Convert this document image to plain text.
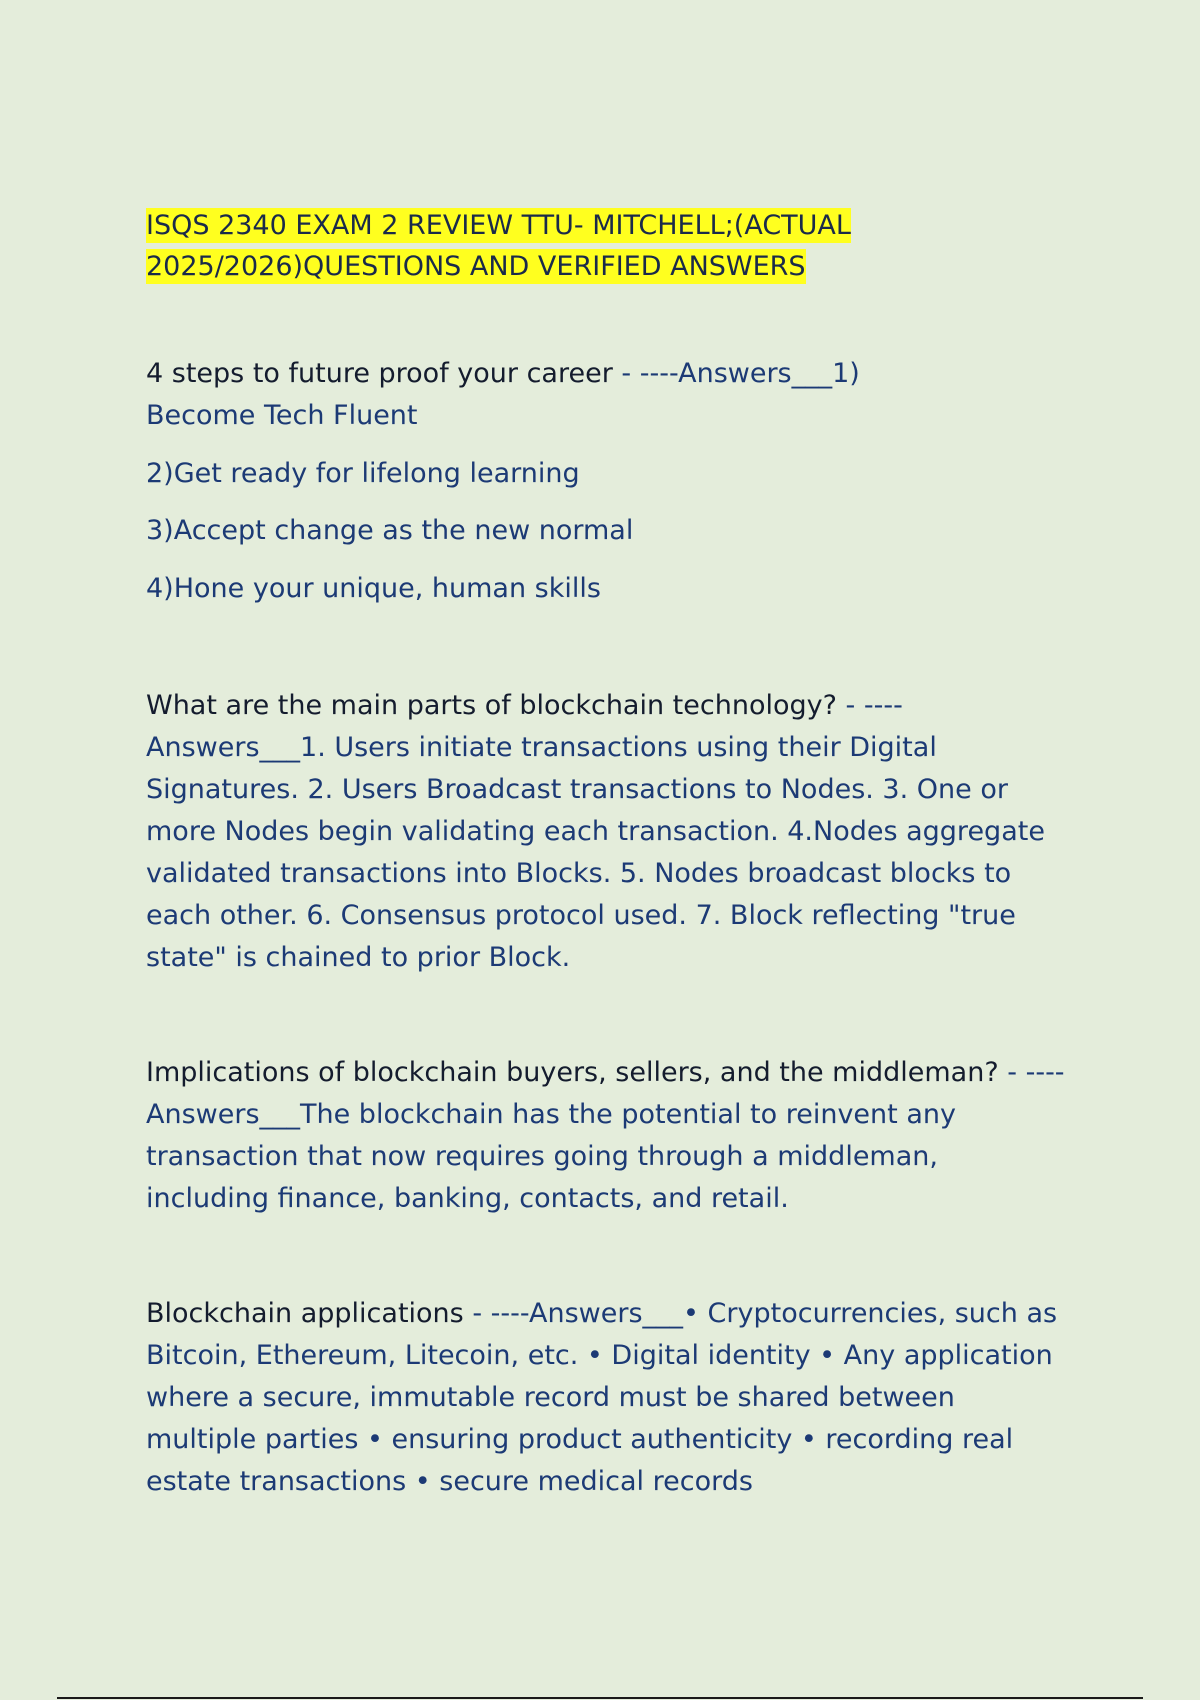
ISQS 2340 EXAM 2 REVIEW TTU- MITCHELL;(ACTUAL 2025/2026)QUESTIONS AND VERIFIED ANSWERS

4 steps to future proof your career - ----Answers___1) Become Tech Fluent

2)Get ready for lifelong learning

3)Accept change as the new normal

4)Hone your unique, human skills

What are the main parts of blockchain technology? - ----Answers___1. Users initiate transactions using their Digital Signatures. 2. Users Broadcast transactions to Nodes. 3. One or more Nodes begin validating each transaction. 4.Nodes aggregate validated transactions into Blocks. 5. Nodes broadcast blocks to each other. 6. Consensus protocol used. 7. Block reflecting "true state" is chained to prior Block.

Implications of blockchain buyers, sellers, and the middleman? - ----Answers___The blockchain has the potential to reinvent any transaction that now requires going through a middleman, including finance, banking, contacts, and retail.

Blockchain applications - ----Answers___• Cryptocurrencies, such as Bitcoin, Ethereum, Litecoin, etc. • Digital identity • Any application where a secure, immutable record must be shared between multiple parties • ensuring product authenticity • recording real estate transactions • secure medical records
